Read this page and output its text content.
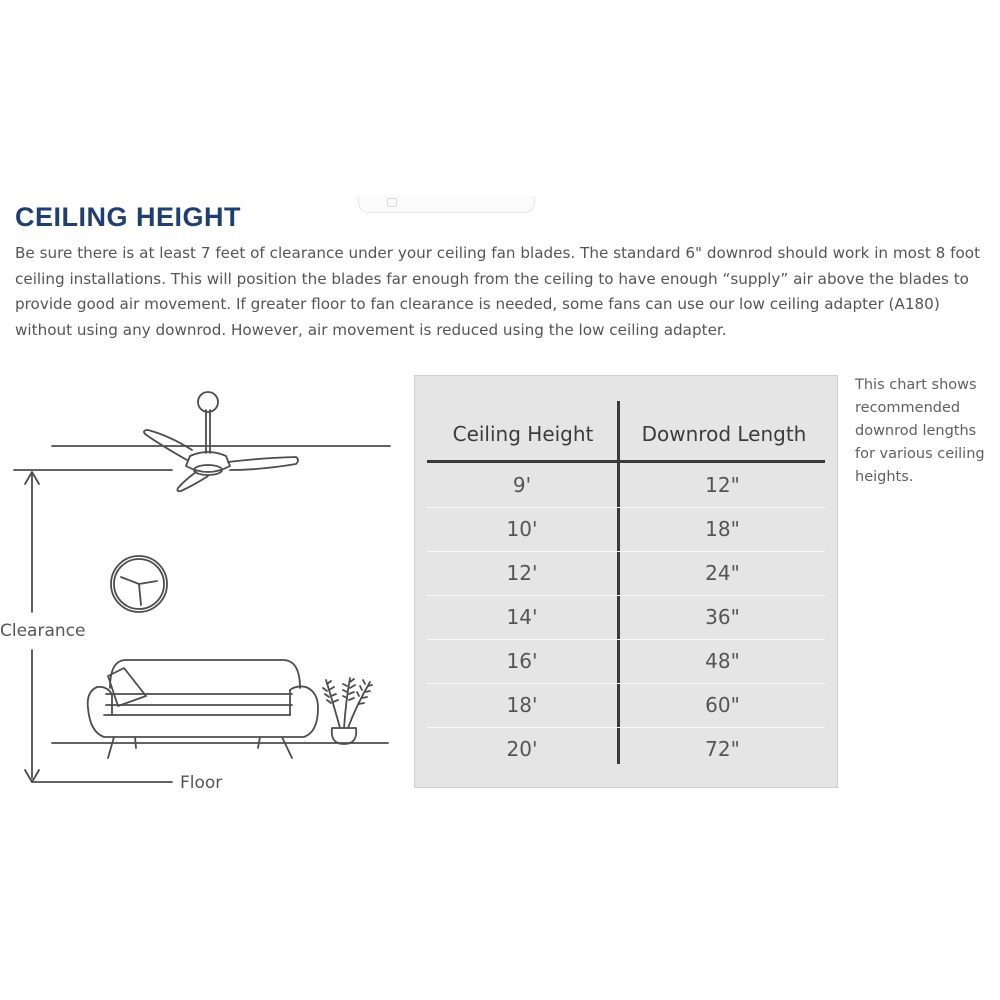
CEILING HEIGHT

Be sure there is at least 7 feet of clearance under your ceiling fan blades. The standard 6" downrod should work in most 8 foot ceiling installations. This will position the blades far enough from the ceiling to have enough “supply” air above the blades to provide good air movement. If greater floor to fan clearance is needed, some fans can use our low ceiling adapter (A180) without using any downrod. However, air movement is reduced using the low ceiling adapter.

Clearance
Floor
Ceiling Height	Downrod Length
9'	12"
10'	18"
12'	24"
14'	36"
16'	48"
18'	60"
20'	72"

This chart shows recommended downrod lengths for various ceiling heights.
